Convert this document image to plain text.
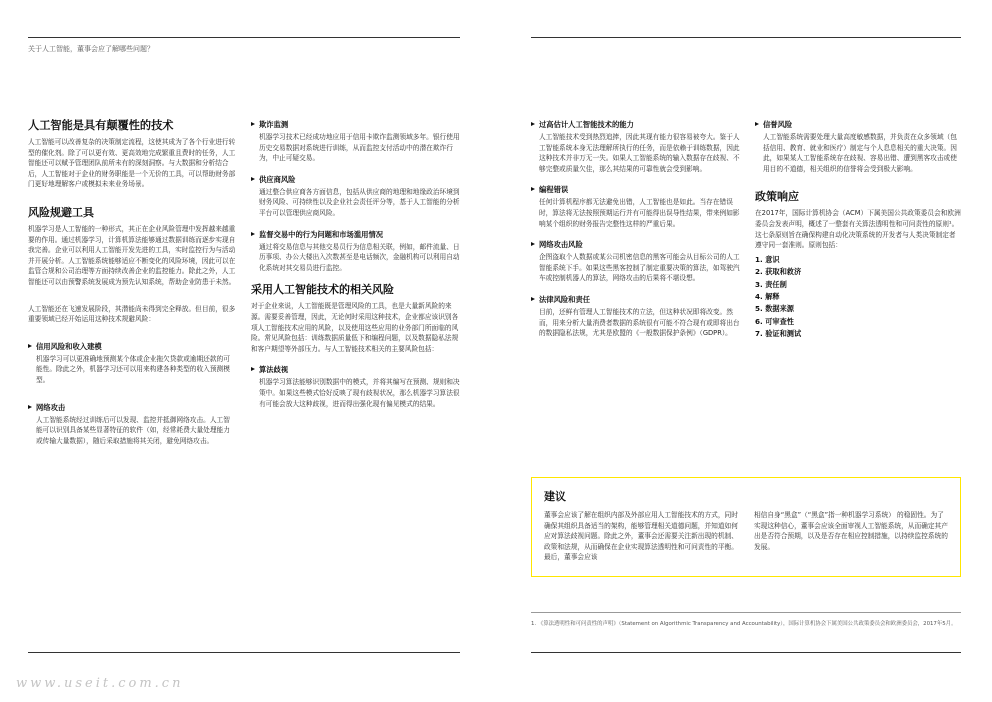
关于人工智能，董事会应了解哪些问题？
人工智能是具有颠覆性的技术
人工智能可以改善复杂的决策制定流程，这使其成为了各个行业进行转型的催化剂。除了可以更有效、更高效地完成繁重且费时的任务，人工智能还可以赋予管理团队前所未有的深刻洞察。与大数据和分析结合后，人工智能对于企业的财务职能是一个无价的工具，可以帮助财务部门更好地理解客户或模拟未来业务场景。
风险规避工具
机器学习是人工智能的一种形式，其正在企业风险管理中发挥越来越重要的作用。通过机器学习，计算机算法能够通过数据训练而逐步实现自我完善。企业可以利用人工智能开发先进的工具，实时监控行为与活动并开展分析。人工智能系统能够适应不断变化的风险环境，因此可以在监管合规和公司治理等方面持续改善企业的监控能力。除此之外，人工智能还可以由预警系统发展成为预先认知系统，帮助企业防患于未然。
人工智能还在飞速发展阶段，其潜能尚未得到完全释放。但目前，很多重要领域已经开始运用这种技术规避风险：
信用风险和收入建模
机器学习可以更准确地预测某个体或企业拖欠贷款或逾期还款的可能性。除此之外，机器学习还可以用来构建各种类型的收入预测模型。
网络攻击
人工智能系统经过训练后可以发现、监控并抵御网络攻击。人工智能可以识别具备某些显著特征的软件（如，经常耗费大量处理能力或传输大量数据），随后采取措施将其关闭，避免网络攻击。
欺诈监测
机器学习技术已经成功地应用于信用卡欺诈监测领域多年。银行使用历史交易数据对系统进行训练，从而监控支付活动中的潜在欺诈行为，中止可疑交易。
供应商风险
通过整合供应商各方面信息，包括从供应商的地理和地缘政治环境到财务风险、可持续性以及企业社会责任评分等，基于人工智能的分析平台可以管理供应商风险。
监督交易中的行为问题和市场滥用情况
通过将交易信息与其他交易员行为信息相关联，例如，邮件流量、日历事项、办公大楼出入次数甚至是电话频次，金融机构可以利用自动化系统对其交易员进行监控。
采用人工智能技术的相关风险
对于企业来说，人工智能既是管理风险的工具，也是大量新风险的来源。需要妥善管理，因此，无论何时采用这种技术，企业都应该识别各项人工智能技术应用的风险，以及使用这些应用的业务部门所面临的风险。常见风险包括：训练数据质量低下和编程问题，以及数据隐私法规和客户期望等外部压力。与人工智能技术相关的主要风险包括：
算法歧视
机器学习算法能够识别数据中的模式，并将其编写在预测、规则和决策中。如果这些模式恰好反映了现有歧视状况，那么机器学习算法很有可能会放大这种歧视，进而得出强化现有偏见模式的结果。
过高估计人工智能技术的能力
人工智能技术受到热烈追捧，因此其现有能力很容易被夸大。鉴于人工智能系统本身无法理解所执行的任务，而是依赖于训练数据，因此这种技术并非万无一失。如果人工智能系统的输入数据存在歧视、不够完整或质量欠佳，那么其结果的可靠性就会受到影响。
编程错误
任何计算机程序都无法避免出错，人工智能也是如此。当存在错误时，算法将无法按照预期运行并有可能得出误导性结果，带来例如影响某个组织的财务报告完整性这样的严重后果。
网络攻击风险
企图盗取个人数据或某公司机密信息的黑客可能会从目标公司的人工智能系统下手。如果这些黑客控制了制定重要决策的算法，如驾驶汽车或控制机器人的算法，网络攻击的后果将不堪设想。
法律风险和责任
目前，还鲜有管理人工智能技术的立法，但这种状况即将改变。然而，用来分析大量消费者数据的系统很有可能不符合现有或即将出台的数据隐私法规，尤其是欧盟的《一般数据保护条例》（GDPR）。
信誉风险
人工智能系统需要处理大量高度敏感数据，并负责在众多领域（包括信用、教育、就业和医疗）制定与个人息息相关的重大决策。因此，如果某人工智能系统存在歧视、容易出错、遭到黑客攻击或使用目的不道德，相关组织的信誉将会受到极大影响。
政策响应
在2017年，国际计算机协会（ACM）下属美国公共政策委员会和欧洲委员会发表声明，概述了一整套有关算法透明性和可问责性的原则¹。这七条原则旨在确保构建自动化决策系统的开发者与人类决策制定者遵守同一套准则。原则包括：
1. 意识
2. 获取和救济
3. 责任制
4. 解释
5. 数据来源
6. 可审查性
7. 验证和测试
建议
董事会应该了解在组织内部及外部应用人工智能技术的方式，同时确保其组织具备适当的架构，能够管理相关道德问题，并知道如何应对算法歧视问题。除此之外，董事会还需要关注新出现的机制、政策和法规，从而确保在企业实现算法透明性和可问责性的平衡。最后，董事会应该
相信自身“黑盒”（“黑盒”指一种机器学习系统） 的稳固性。为了实现这种信心，董事会应该全面审视人工智能系统，从而确定其产出是否符合预期，以及是否存在相应控制措施，以持续监控系统的发展。
1. 《算法透明性和可问责性的声明》（Statement on Algorithmic Transparency and Accountability），国际计算机协会下属美国公共政策委员会和欧洲委员会，2017年5月。
www.useit.com.cn
